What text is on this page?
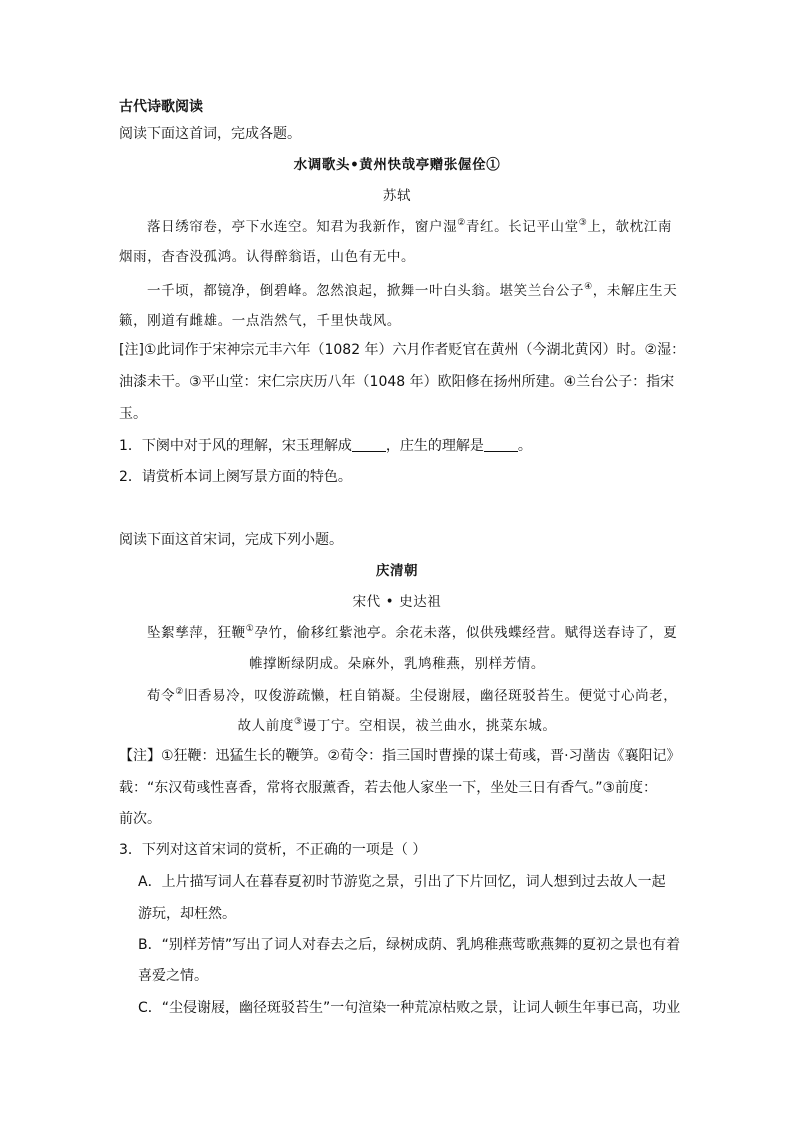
古代诗歌阅读
阅读下面这首词，完成各题。
水调歌头•黄州快哉亭赠张偓佺①
苏轼
落日绣帘卷，亭下水连空。知君为我新作，窗户湿②青红。长记平山堂③上，欹枕江南
烟雨，杳杳没孤鸿。认得醉翁语，山色有无中。
一千顷，都镜净，倒碧峰。忽然浪起，掀舞一叶白头翁。堪笑兰台公子④，未解庄生天
籁，刚道有雌雄。一点浩然气，千里快哉风。
[注]①此词作于宋神宗元丰六年（1082 年）六月作者贬官在黄州（今湖北黄冈）时。②湿：
油漆未干。③平山堂：宋仁宗庆历八年（1048 年）欧阳修在扬州所建。④兰台公子：指宋
玉。
1．下阕中对于风的理解，宋玉理解成 ，庄生的理解是 。
2．请赏析本词上阕写景方面的特色。
阅读下面这首宋词，完成下列小题。
庆清朝
宋代 • 史达祖
坠絮孳萍，狂鞭①孕竹，偷移红紫池亭。余花未落，似供残蝶经营。赋得送春诗了，夏
帷撑断绿阴成。朵麻外，乳鸠稚燕，别样芳情。
荀令②旧香易冷，叹俊游疏懒，枉自销凝。尘侵谢屐，幽径斑驳苔生。便觉寸心尚老，
故人前度③谩丁宁。空相误，祓兰曲水，挑菜东城。
【注】①狂鞭：迅猛生长的鞭笋。②荀令：指三国时曹操的谋士荀彧，晋·习凿齿《襄阳记》
载：“东汉荀彧性喜香，常将衣服薰香，若去他人家坐一下，坐处三日有香气。”③前度：
前次。
3．下列对这首宋词的赏析，不正确的一项是（ ）
A．上片描写词人在暮春夏初时节游览之景，引出了下片回忆，词人想到过去故人一起
游玩，却枉然。
B．“别样芳情”写出了词人对春去之后，绿树成荫、乳鸠稚燕莺歌燕舞的夏初之景也有着
喜爱之情。
C．“尘侵谢屐，幽径斑驳苔生”一句渲染一种荒凉枯败之景，让词人顿生年事已高，功业
